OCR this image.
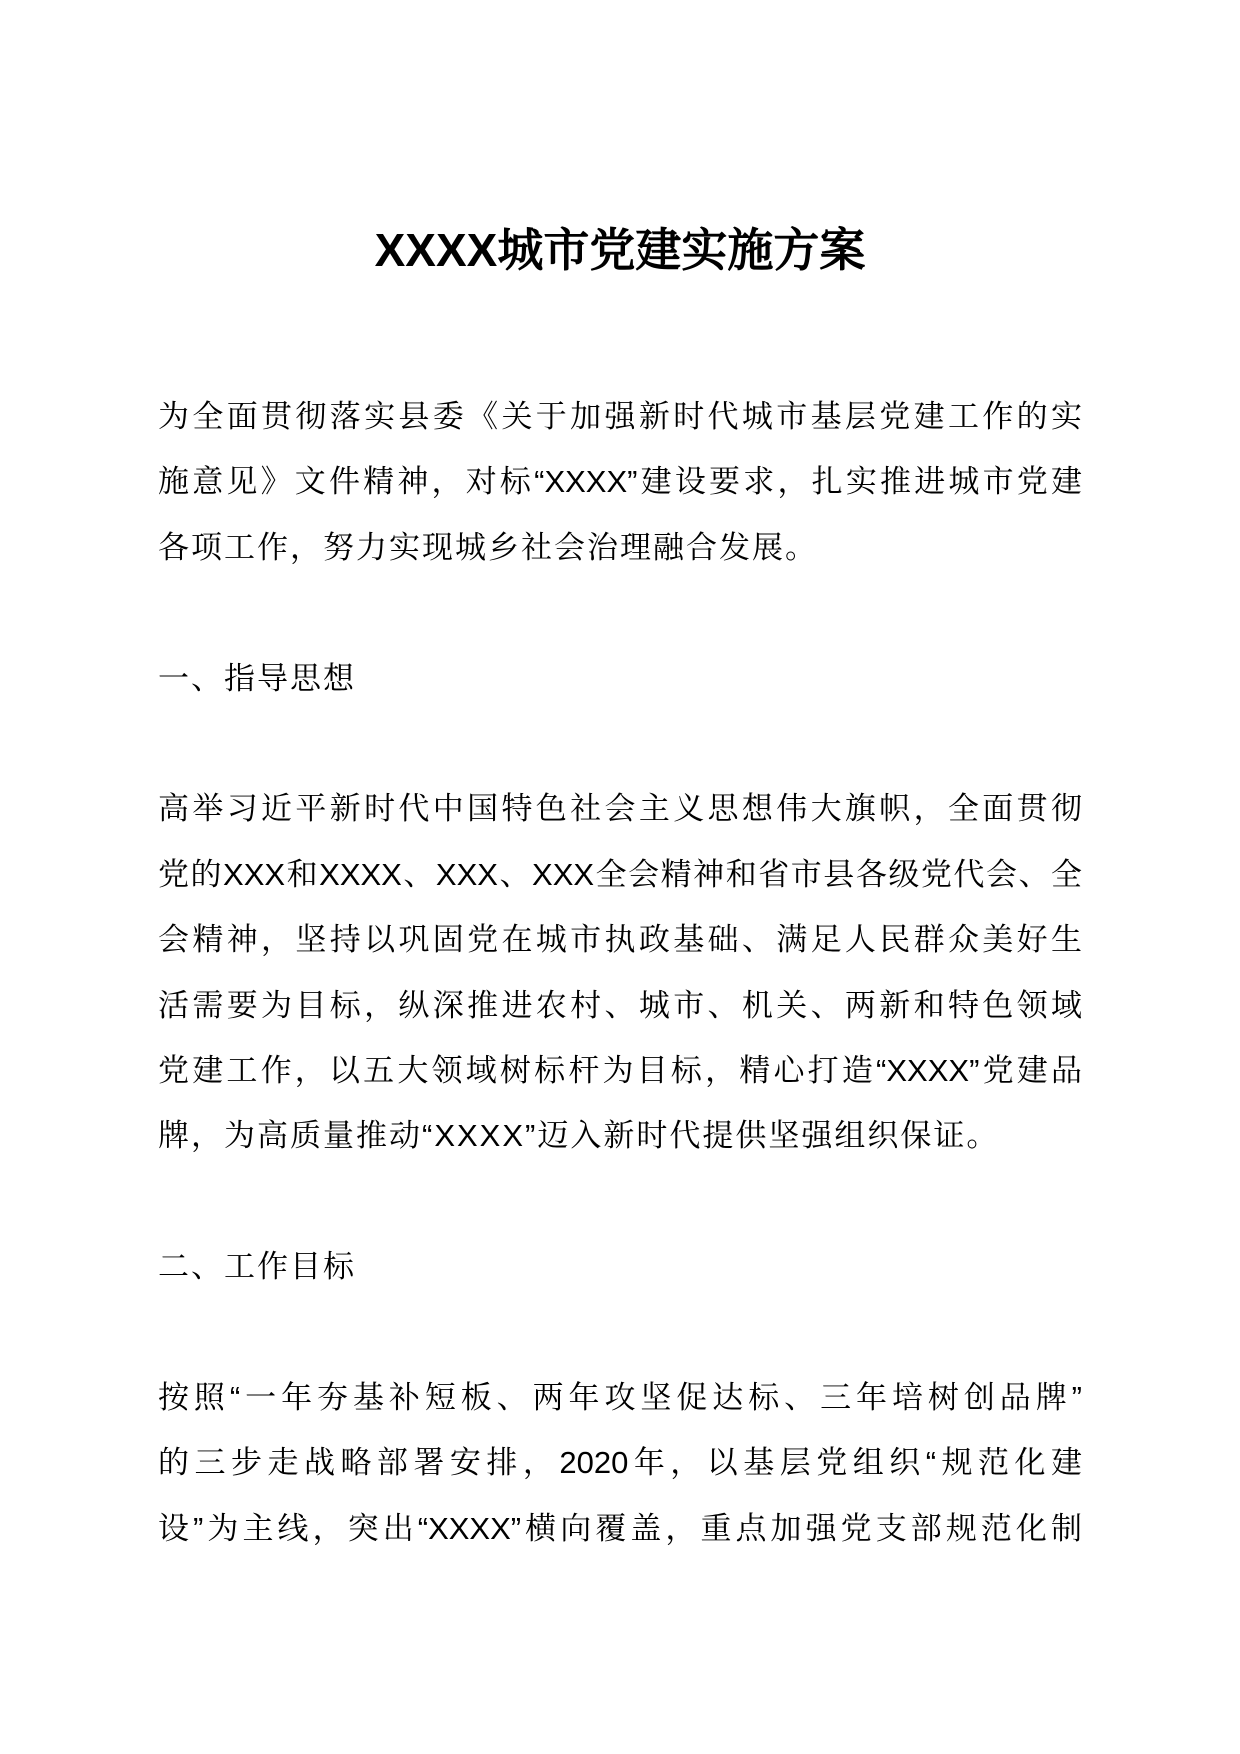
XXXX城市党建实施方案
为全面贯彻落实县委《关于加强新时代城市基层党建工作的实
施意见》文件精神，对标“XXXX”建设要求，扎实推进城市党建
各项工作，努力实现城乡社会治理融合发展。
一、指导思想
高举习近平新时代中国特色社会主义思想伟大旗帜，全面贯彻
党的XXX和XXXX、XXX、XXX全会精神和省市县各级党代会、全
会精神，坚持以巩固党在城市执政基础、满足人民群众美好生
活需要为目标，纵深推进农村、城市、机关、两新和特色领域
党建工作，以五大领域树标杆为目标，精心打造“XXXX”党建品
牌，为高质量推动“XXXX”迈入新时代提供坚强组织保证。
二、工作目标
按照“一年夯基补短板、两年攻坚促达标、三年培树创品牌”
的三步走战略部署安排，2020年，以基层党组织“规范化建
设”为主线，突出“XXXX”横向覆盖，重点加强党支部规范化制
